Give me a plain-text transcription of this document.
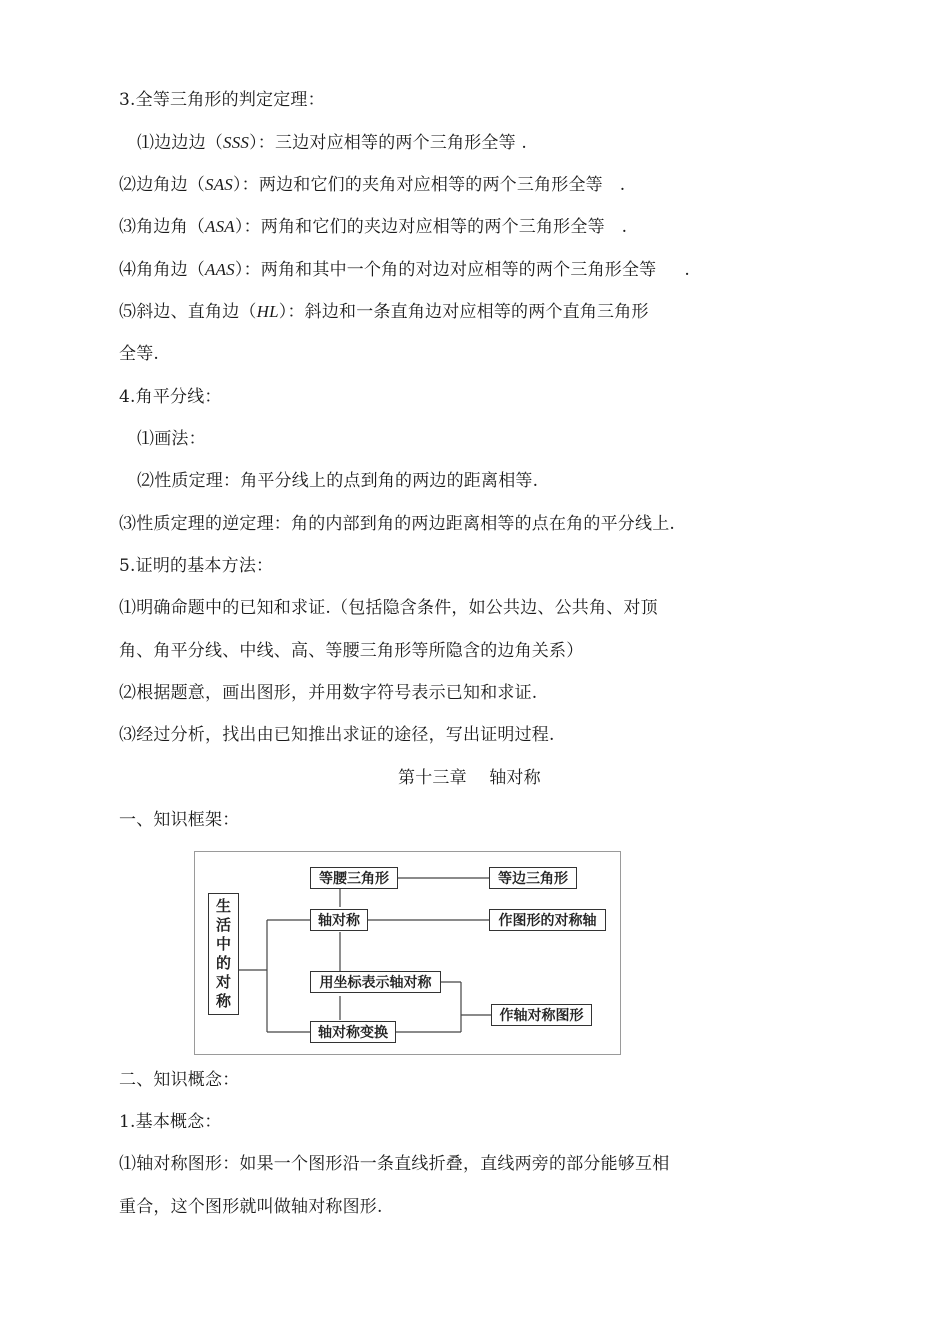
3.全等三角形的判定定理：
⑴边边边（SSS）：三边对应相等的两个三角形全等 .
⑵边角边（SAS）：两边和它们的夹角对应相等的两个三角形全等   .
⑶角边角（ASA）：两角和它们的夹边对应相等的两个三角形全等   .
⑷角角边（AAS）：两角和其中一个角的对边对应相等的两个三角形全等     .
⑸斜边、直角边（HL）：斜边和一条直角边对应相等的两个直角三角形
全等.
4.角平分线：
⑴画法：
⑵性质定理：角平分线上的点到角的两边的距离相等.
⑶性质定理的逆定理：角的内部到角的两边距离相等的点在角的平分线上.
5.证明的基本方法：
⑴明确命题中的已知和求证.（包括隐含条件，如公共边、公共角、对顶
角、角平分线、中线、高、等腰三角形等所隐含的边角关系）
⑵根据题意，画出图形，并用数字符号表示已知和求证.
⑶经过分析，找出由已知推出求证的途径，写出证明过程.
第十三章    轴对称
一、知识框架：
生
活
中
的
对
称
等腰三角形	等边三角形
轴对称	作图形的对称轴
用坐标表示轴对称
轴对称变换
作轴对称图形
二、知识概念：
1.基本概念：
⑴轴对称图形：如果一个图形沿一条直线折叠，直线两旁的部分能够互相
重合，这个图形就叫做轴对称图形.
